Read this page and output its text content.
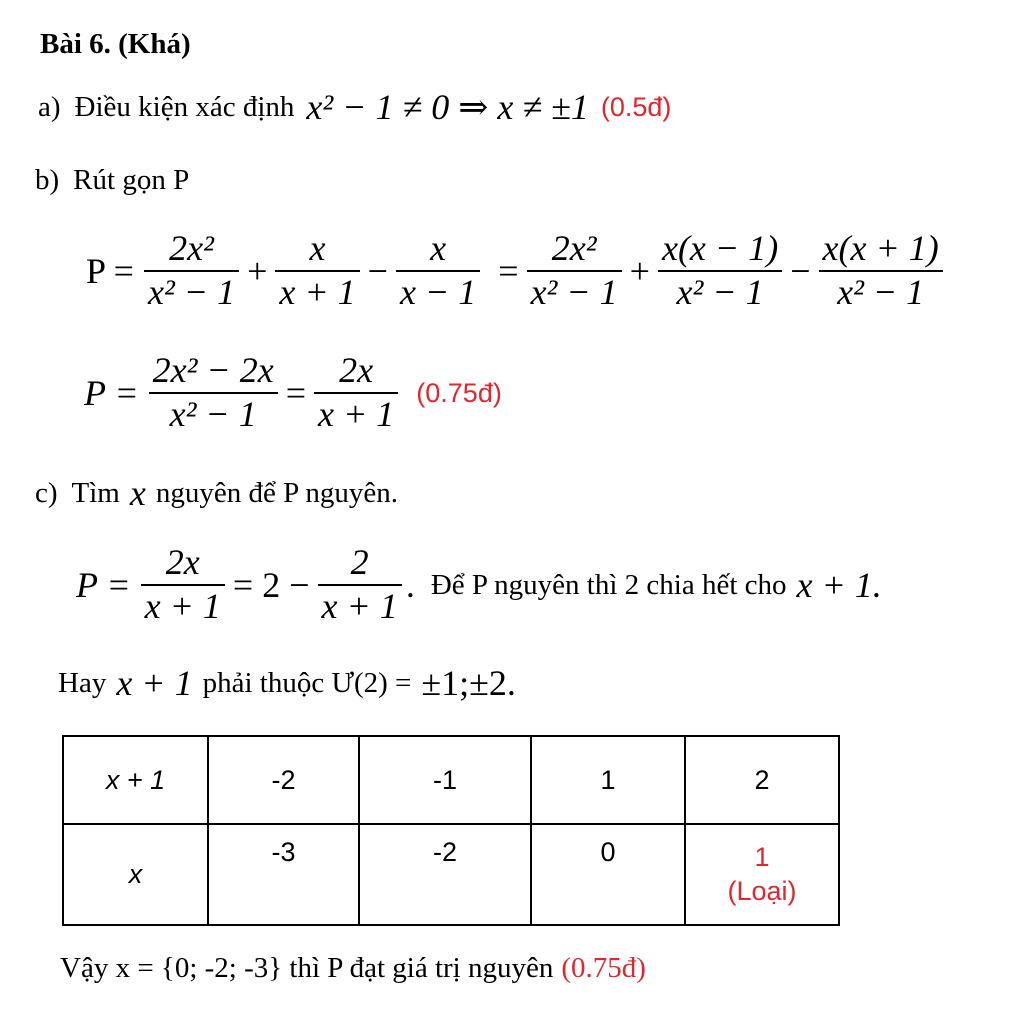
Bài 6. (Khá)
a) Điều kiện xác định x² − 1 ≠ 0 ⇒ x ≠ ±1 (0.5đ)
b) Rút gọn P
$P = \frac{\text{2x²}}{\text{x² − 1}} + \frac{x}{x + 1} - \frac{x}{x - 1} = \frac{\text{2x²}}{\text{x² − 1}} + \frac{x(x - 1)}{\text{x² − 1}} - \frac{x(x + 1)}{\text{x² − 1}}$
$P = \frac{\text{2x² − 2x}}{\text{x² − 1}} = \frac{2x}{x + 1}$ (0.75đ)
c) Tìm x nguyên để P nguyên.
$P = \frac{2x}{x + 1} = 2 - \frac{2}{x + 1}$ . Để P nguyên thì 2 chia hết cho x + 1.
Hay x + 1 phải thuộc Ư(2) = ±1;±2.
x + 1	-2	-1	1	2
x	-3	-2	0	1
(Loại)
Vậy x = {0; -2; -3} thì P đạt giá trị nguyên (0.75đ)
